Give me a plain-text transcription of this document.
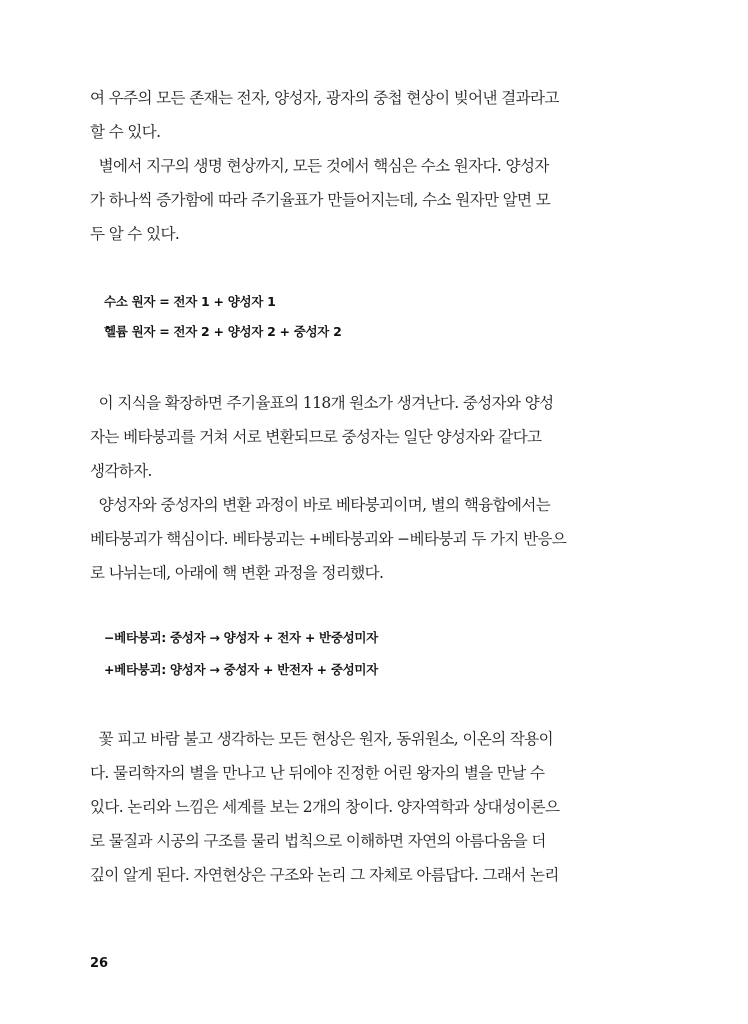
여 우주의 모든 존재는 전자, 양성자, 광자의 중첩 현상이 빚어낸 결과라고
할 수 있다.
별에서 지구의 생명 현상까지, 모든 것에서 핵심은 수소 원자다. 양성자
가 하나씩 증가함에 따라 주기율표가 만들어지는데, 수소 원자만 알면 모
두 알 수 있다.
수소 원자 = 전자 1 + 양성자 1
헬륨 원자 = 전자 2 + 양성자 2 + 중성자 2
이 지식을 확장하면 주기율표의 118개 원소가 생겨난다. 중성자와 양성
자는 베타붕괴를 거쳐 서로 변환되므로 중성자는 일단 양성자와 같다고
생각하자.
양성자와 중성자의 변환 과정이 바로 베타붕괴이며, 별의 핵융합에서는
베타붕괴가 핵심이다. 베타붕괴는 +베타붕괴와 −베타붕괴 두 가지 반응으
로 나뉘는데, 아래에 핵 변환 과정을 정리했다.
−베타붕괴: 중성자 → 양성자 + 전자 + 반중성미자
+베타붕괴: 양성자 → 중성자 + 반전자 + 중성미자
꽃 피고 바람 불고 생각하는 모든 현상은 원자, 동위원소, 이온의 작용이
다. 물리학자의 별을 만나고 난 뒤에야 진정한 어린 왕자의 별을 만날 수
있다. 논리와 느낌은 세계를 보는 2개의 창이다. 양자역학과 상대성이론으
로 물질과 시공의 구조를 물리 법칙으로 이해하면 자연의 아름다움을 더
깊이 알게 된다. 자연현상은 구조와 논리 그 자체로 아름답다. 그래서 논리
26
